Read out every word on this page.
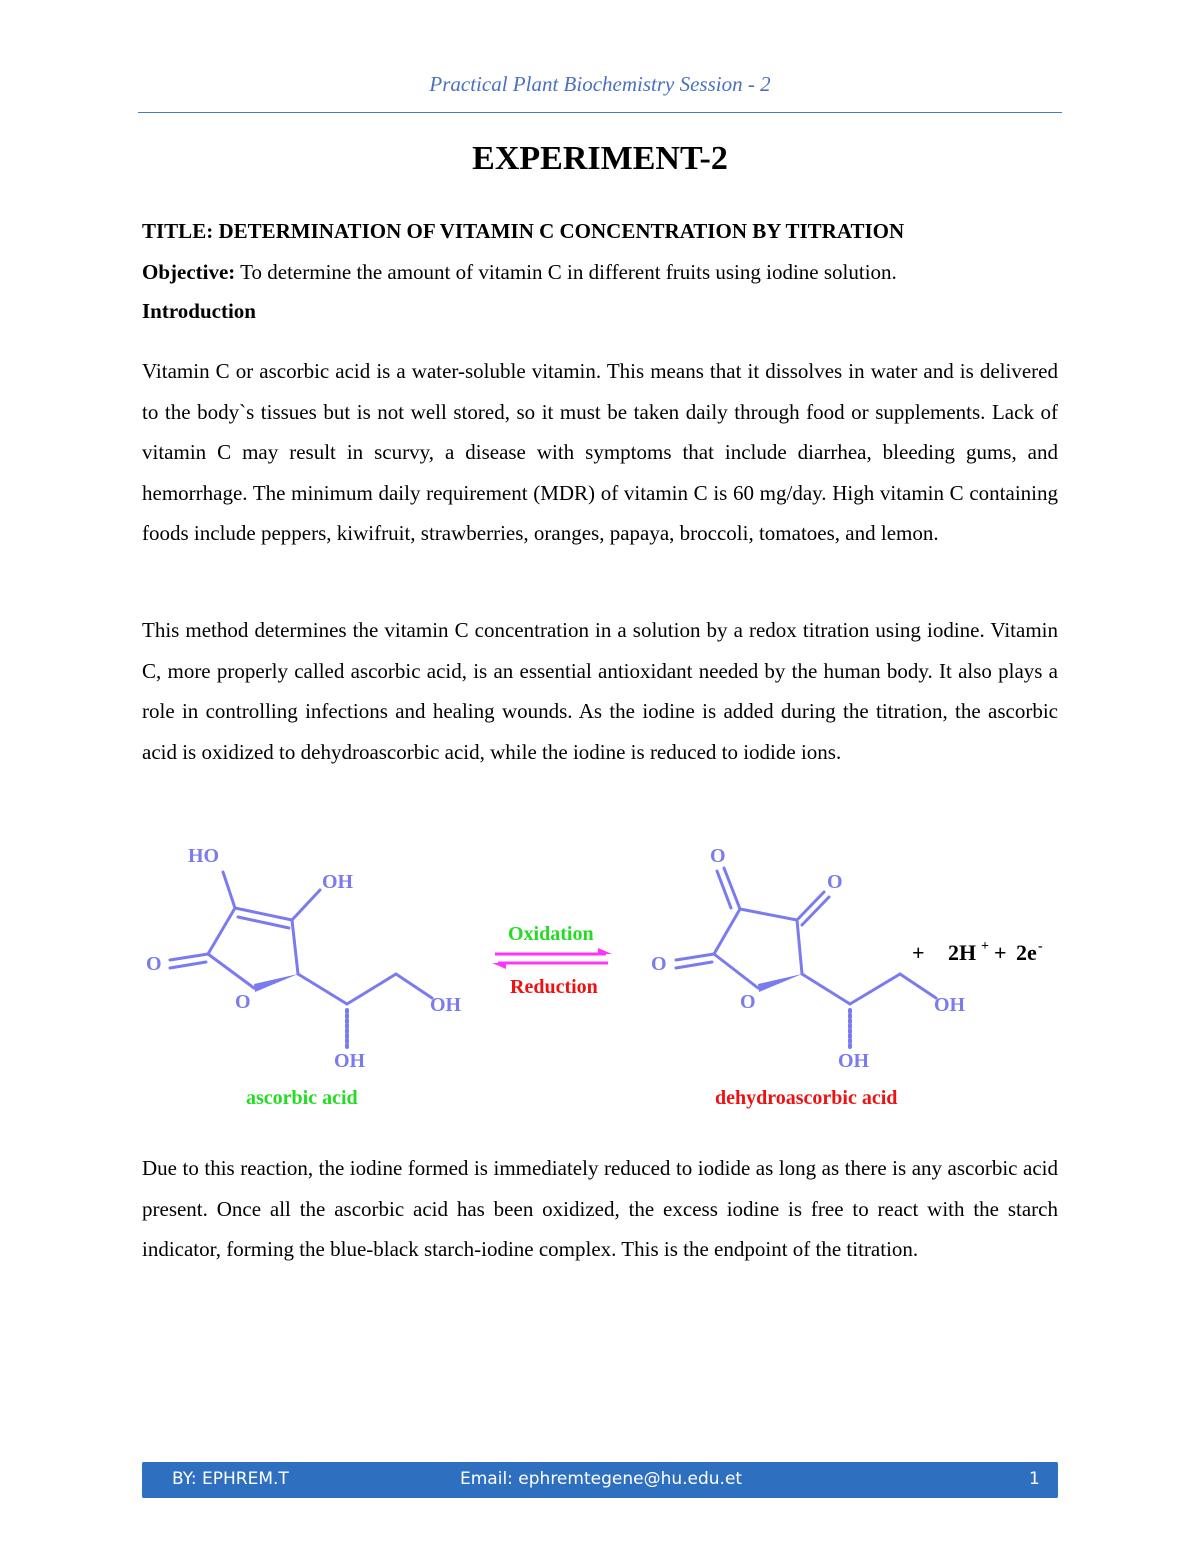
Practical Plant Biochemistry Session - 2
EXPERIMENT-2
TITLE: DETERMINATION OF VITAMIN C CONCENTRATION BY TITRATION
Objective: To determine the amount of vitamin C in different fruits using iodine solution.
Introduction

Vitamin C or ascorbic acid is a water-soluble vitamin. This means that it dissolves in water and is delivered to the body`s tissues but is not well stored, so it must be taken daily through food or supplements. Lack of vitamin C may result in scurvy, a disease with symptoms that include diarrhea, bleeding gums, and hemorrhage. The minimum daily requirement (MDR) of vitamin C is 60 mg/day. High vitamin C containing foods include peppers, kiwifruit, strawberries, oranges, papaya, broccoli, tomatoes, and lemon.

This method determines the vitamin C concentration in a solution by a redox titration using iodine. Vitamin C, more properly called ascorbic acid, is an essential antioxidant needed by the human body. It also plays a role in controlling infections and healing wounds. As the iodine is added during the titration, the ascorbic acid is oxidized to dehydroascorbic acid, while the iodine is reduced to iodide ions.

HO
OH
O
O	OH
OH
ascorbic acid
Oxidation
Reduction
O
O
O
O	OH
OH
dehydroascorbic acid
+ 2H + + 2e -

Due to this reaction, the iodine formed is immediately reduced to iodide as long as there is any ascorbic acid present. Once all the ascorbic acid has been oxidized, the excess iodine is free to react with the starch indicator, forming the blue-black starch-iodine complex. This is the endpoint of the titration.

BY: EPHREM.T	Email: ephremtegene@hu.edu.et	1
